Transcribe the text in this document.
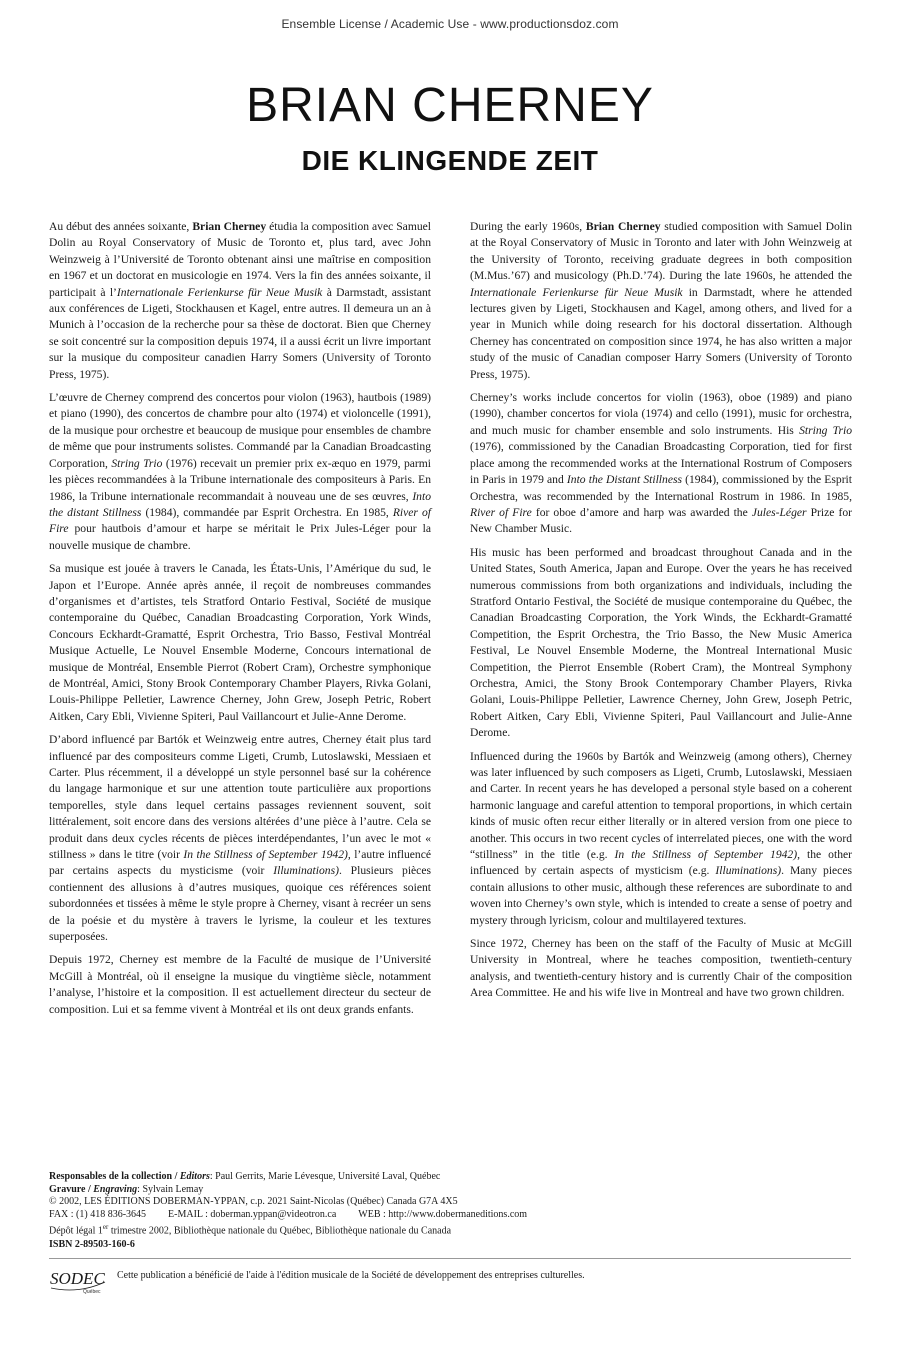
Ensemble License / Academic Use - www.productionsdoz.com
BRIAN CHERNEY
DIE KLINGENDE ZEIT

Au début des années soixante, Brian Cherney étudia la composition avec Samuel Dolin au Royal Conservatory of Music de Toronto et, plus tard, avec John Weinzweig à l’Université de Toronto obtenant ainsi une maîtrise en composition en 1967 et un doctorat en musicologie en 1974. Vers la fin des années soixante, il participait à l’Internationale Ferienkurse für Neue Musik à Darmstadt, assistant aux conférences de Ligeti, Stockhausen et Kagel, entre autres. Il demeura un an à Munich à l’occasion de la recherche pour sa thèse de doctorat. Bien que Cherney se soit concentré sur la composition depuis 1974, il a aussi écrit un livre important sur la musique du compositeur canadien Harry Somers (University of Toronto Press, 1975).

L’œuvre de Cherney comprend des concertos pour violon (1963), hautbois (1989) et piano (1990), des concertos de chambre pour alto (1974) et violoncelle (1991), de la musique pour orchestre et beaucoup de musique pour ensembles de chambre de même que pour instruments solistes. Commandé par la Canadian Broadcasting Corporation, String Trio (1976) recevait un premier prix ex-æquo en 1979, parmi les pièces recommandées à la Tribune internationale des compositeurs à Paris. En 1986, la Tribune internationale recommandait à nouveau une de ses œuvres, Into the distant Stillness (1984), commandée par Esprit Orchestra. En 1985, River of Fire pour hautbois d’amour et harpe se méritait le Prix Jules-Léger pour la nouvelle musique de chambre.

Sa musique est jouée à travers le Canada, les États-Unis, l’Amérique du sud, le Japon et l’Europe. Année après année, il reçoit de nombreuses commandes d’organismes et d’artistes, tels Stratford Ontario Festival, Société de musique contemporaine du Québec, Canadian Broadcasting Corporation, York Winds, Concours Eckhardt-Gramatté, Esprit Orchestra, Trio Basso, Festival Montréal Musique Actuelle, Le Nouvel Ensemble Moderne, Concours international de musique de Montréal, Ensemble Pierrot (Robert Cram), Orchestre symphonique de Montréal, Amici, Stony Brook Contemporary Chamber Players, Rivka Golani, Louis-Philippe Pelletier, Lawrence Cherney, John Grew, Joseph Petric, Robert Aitken, Cary Ebli, Vivienne Spiteri, Paul Vaillancourt et Julie-Anne Derome.

D’abord influencé par Bartók et Weinzweig entre autres, Cherney était plus tard influencé par des compositeurs comme Ligeti, Crumb, Lutoslawski, Messiaen et Carter. Plus récemment, il a développé un style personnel basé sur la cohérence du langage harmonique et sur une attention toute particulière aux proportions temporelles, style dans lequel certains passages reviennent souvent, soit littéralement, soit encore dans des versions altérées d’une pièce à l’autre. Cela se produit dans deux cycles récents de pièces interdépendantes, l’un avec le mot « stillness » dans le titre (voir In the Stillness of September 1942), l’autre influencé par certains aspects du mysticisme (voir Illuminations). Plusieurs pièces contiennent des allusions à d’autres musiques, quoique ces références soient subordonnées et tissées à même le style propre à Cherney, visant à recréer un sens de la poésie et du mystère à travers le lyrisme, la couleur et les textures superposées.

Depuis 1972, Cherney est membre de la Faculté de musique de l’Université McGill à Montréal, où il enseigne la musique du vingtième siècle, notamment l’analyse, l’histoire et la composition. Il est actuellement directeur du secteur de composition. Lui et sa femme vivent à Montréal et ils ont deux grands enfants.

During the early 1960s, Brian Cherney studied composition with Samuel Dolin at the Royal Conservatory of Music in Toronto and later with John Weinzweig at the University of Toronto, receiving graduate degrees in both composition (M.Mus.’67) and musicology (Ph.D.’74). During the late 1960s, he attended the Internationale Ferienkurse für Neue Musik in Darmstadt, where he attended lectures given by Ligeti, Stockhausen and Kagel, among others, and lived for a year in Munich while doing research for his doctoral dissertation. Although Cherney has concentrated on composition since 1974, he has also written a major study of the music of Canadian composer Harry Somers (University of Toronto Press, 1975).

Cherney’s works include concertos for violin (1963), oboe (1989) and piano (1990), chamber concertos for viola (1974) and cello (1991), music for orchestra, and much music for chamber ensemble and solo instruments. His String Trio (1976), commissioned by the Canadian Broadcasting Corporation, tied for first place among the recommended works at the International Rostrum of Composers in Paris in 1979 and Into the Distant Stillness (1984), commissioned by the Esprit Orchestra, was recommended by the International Rostrum in 1986. In 1985, River of Fire for oboe d’amore and harp was awarded the Jules-Léger Prize for New Chamber Music.

His music has been performed and broadcast throughout Canada and in the United States, South America, Japan and Europe. Over the years he has received numerous commissions from both organizations and individuals, including the Stratford Ontario Festival, the Société de musique contemporaine du Québec, the Canadian Broadcasting Corporation, the York Winds, the Eckhardt-Gramatté Competition, the Esprit Orchestra, the Trio Basso, the New Music America Festival, Le Nouvel Ensemble Moderne, the Montreal International Music Competition, the Pierrot Ensemble (Robert Cram), the Montreal Symphony Orchestra, Amici, the Stony Brook Contemporary Chamber Players, Rivka Golani, Louis-Philippe Pelletier, Lawrence Cherney, John Grew, Joseph Petric, Robert Aitken, Cary Ebli, Vivienne Spiteri, Paul Vaillancourt and Julie-Anne Derome.

Influenced during the 1960s by Bartók and Weinzweig (among others), Cherney was later influenced by such composers as Ligeti, Crumb, Lutoslawski, Messiaen and Carter. In recent years he has developed a personal style based on a coherent harmonic language and careful attention to temporal proportions, in which certain kinds of music often recur either literally or in altered version from one piece to another. This occurs in two recent cycles of interrelated pieces, one with the word “stillness” in the title (e.g. In the Stillness of September 1942), the other influenced by certain aspects of mysticism (e.g. Illuminations). Many pieces contain allusions to other music, although these references are subordinate to and woven into Cherney’s own style, which is intended to create a sense of poetry and mystery through lyricism, colour and multilayered textures.

Since 1972, Cherney has been on the staff of the Faculty of Music at McGill University in Montreal, where he teaches composition, twentieth-century analysis, and twentieth-century history and is currently Chair of the composition Area Committee. He and his wife live in Montreal and have two grown children.

Responsables de la collection / Editors: Paul Gerrits, Marie Lévesque, Université Laval, Québec
Gravure / Engraving: Sylvain Lemay
© 2002, LES ÉDITIONS DOBERMAN-YPPAN, c.p. 2021 Saint-Nicolas (Québec) Canada G7A 4X5
FAX : (1) 418 836-3645 E-MAIL : doberman.yppan@videotron.ca WEB : http://www.dobermaneditions.com
Dépôt légal 1er trimestre 2002, Bibliothèque nationale du Québec, Bibliothèque nationale du Canada
ISBN 2-89503-160-6
SODEC
Québec
Cette publication a bénéficié de l'aide à l'édition musicale de la Société de développement des entreprises culturelles.
